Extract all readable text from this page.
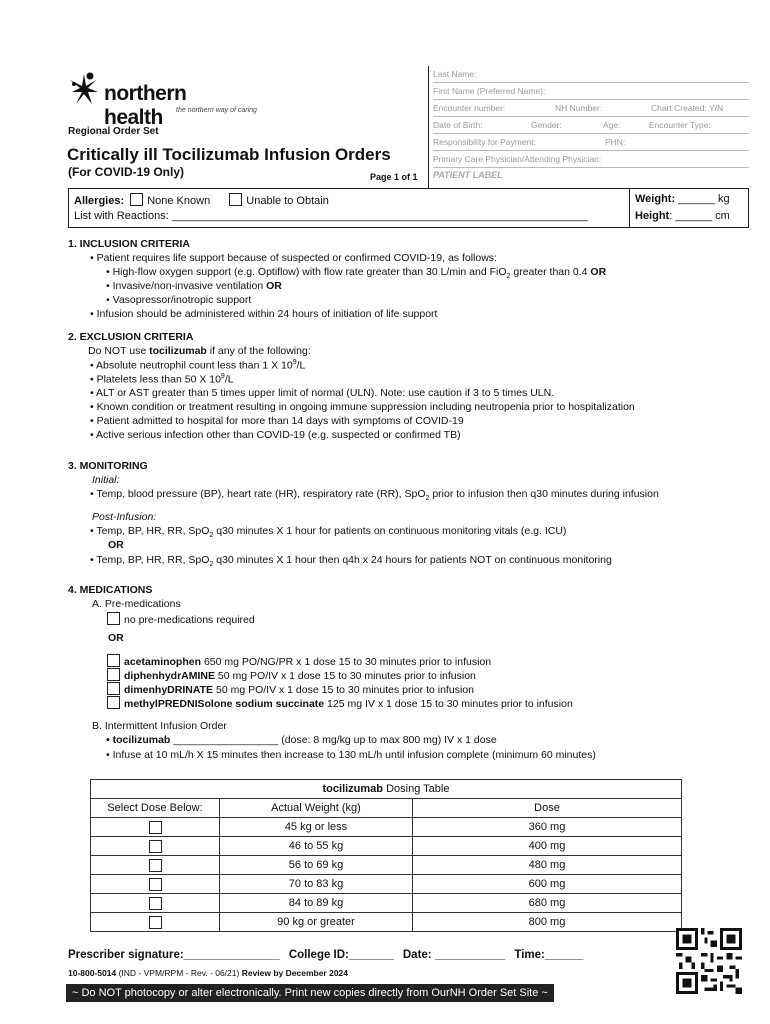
northern health	the northern way of caring
Regional Order Set
Critically ill Tocilizumab Infusion Orders
(For COVID-19 Only)	Page 1 of 1
Last Name:
First Name (Preferred Name):
Encounter number:	NH Number:	Chart Created: Y/N
Date of Birth:	Gender:	Age:	Encounter Type:
Responsibility for Payment:	PHN:
Primary Care Physician/Attending Physician:
PATIENT LABEL
Allergies: None Known	Unable to Obtain
List with Reactions: ____________________________________________________________________
Weight: ______ kg
Height: ______ cm
1. INCLUSION CRITERIA
• Patient requires life support because of suspected or confirmed COVID-19, as follows:
• High-flow oxygen support (e.g. Optiflow) with flow rate greater than 30 L/min and FiO$_2$ greater than 0.4 OR
• Invasive/non-invasive ventilation OR
• Vasopressor/inotropic support
• Infusion should be administered within 24 hours of initiation of life support
2. EXCLUSION CRITERIA
Do NOT use tocilizumab if any of the following:
• Absolute neutrophil count less than 1 X $10^9/L$
• Platelets less than 50 X $10^9/L$
• ALT or AST greater than 5 times upper limit of normal (ULN). Note: use caution if 3 to 5 times ULN.
• Known condition or treatment resulting in ongoing immune suppression including neutropenia prior to hospitalization
• Patient admitted to hospital for more than 14 days with symptoms of COVID-19
• Active serious infection other than COVID-19 (e.g. suspected or confirmed TB)
3. MONITORING
Initial:
• Temp, blood pressure (BP), heart rate (HR), respiratory rate (RR), SpO$_2$ prior to infusion then q30 minutes during infusion
Post-Infusion:
• Temp, BP, HR, RR, SpO$_2$ q30 minutes X 1 hour for patients on continuous monitoring vitals (e.g. ICU)
OR
• Temp, BP, HR, RR, SpO$_2$ q30 minutes X 1 hour then q4h x 24 hours for patients NOT on continuous monitoring
4. MEDICATIONS
A. Pre-medications
no pre-medications required
OR
acetaminophen 650 mg PO/NG/PR x 1 dose 15 to 30 minutes prior to infusion
diphenhydrAMINE 50 mg PO/IV x 1 dose 15 to 30 minutes prior to infusion
dimenhyDRINATE 50 mg PO/IV x 1 dose 15 to 30 minutes prior to infusion
methylPREDNISolone sodium succinate 125 mg IV x 1 dose 15 to 30 minutes prior to infusion
B. Intermittent Infusion Order
• tocilizumab __________________ (dose: 8 mg/kg up to max 800 mg) IV x 1 dose
• Infuse at 10 mL/h X 15 minutes then increase to 130 mL/h until infusion complete (minimum 60 minutes)
tocilizumab Dosing Table		
Select Dose Below:	Actual Weight (kg)	Dose
	45 kg or less	360 mg
	46 to 55 kg	400 mg
	56 to 69 kg	480 mg
	70 to 83 kg	600 mg
	84 to 89 kg	680 mg
	90 kg or greater	800 mg
Prescriber signature:_______________ College ID:_______ Date: ___________ Time:______
10-800-5014 (IND - VPM/RPM - Rev. - 06/21) Review by December 2024
~ Do NOT photocopy or alter electronically. Print new copies directly from OurNH Order Set Site ~
